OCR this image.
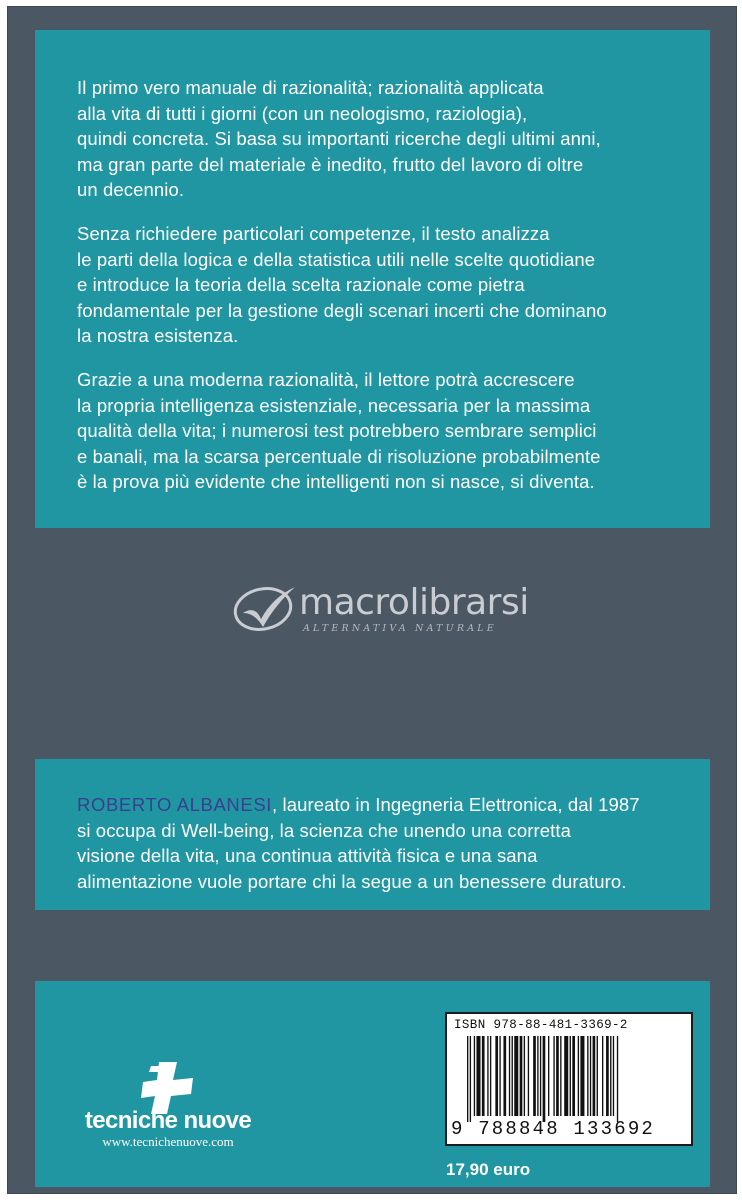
Il primo vero manuale di razionalità; razionalità applicata
alla vita di tutti i giorni (con un neologismo, raziologia),
quindi concreta. Si basa su importanti ricerche degli ultimi anni,
ma gran parte del materiale è inedito, frutto del lavoro di oltre
un decennio.

Senza richiedere particolari competenze, il testo analizza
le parti della logica e della statistica utili nelle scelte quotidiane
e introduce la teoria della scelta razionale come pietra
fondamentale per la gestione degli scenari incerti che dominano
la nostra esistenza.

Grazie a una moderna razionalità, il lettore potrà accrescere
la propria intelligenza esistenziale, necessaria per la massima
qualità della vita; i numerosi test potrebbero sembrare semplici
e banali, ma la scarsa percentuale di risoluzione probabilmente
è la prova più evidente che intelligenti non si nasce, si diventa.

macrolibrarsi
ALTERNATIVA NATURALE

ROBERTO ALBANESI, laureato in Ingegneria Elettronica, dal 1987
si occupa di Well-being, la scienza che unendo una corretta
visione della vita, una continua attività fisica e una sana
alimentazione vuole portare chi la segue a un benessere duraturo.

tecniche nuove
www.tecnichenuove.com
ISBN 978-88-481-3369-2
9 788848 133692
17,90 euro
